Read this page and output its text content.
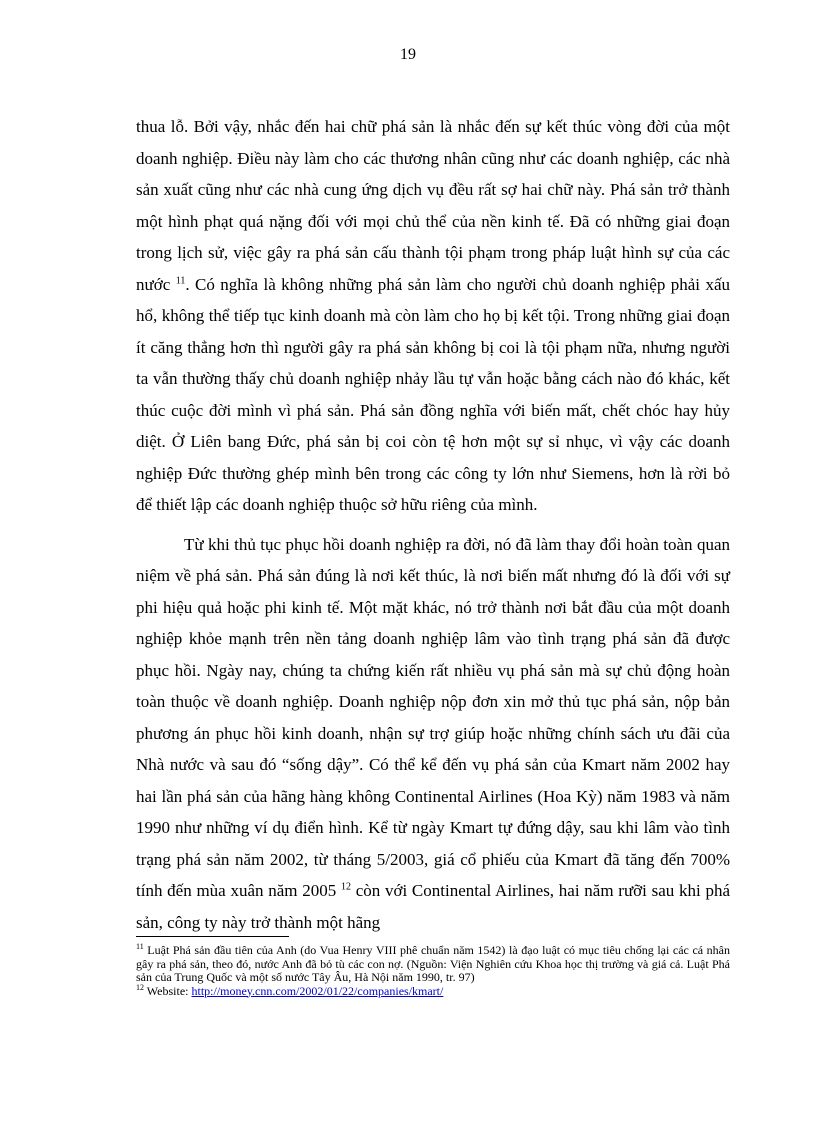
19

thua lỗ. Bởi vậy, nhắc đến hai chữ phá sản là nhắc đến sự kết thúc vòng đời của một doanh nghiệp. Điều này làm cho các thương nhân cũng như các doanh nghiệp, các nhà sản xuất cũng như các nhà cung ứng dịch vụ đều rất sợ hai chữ này. Phá sản trở thành một hình phạt quá nặng đối với mọi chủ thể của nền kinh tế. Đã có những giai đoạn trong lịch sử, việc gây ra phá sản cấu thành tội phạm trong pháp luật hình sự của các nước $^{11}$. Có nghĩa là không những phá sản làm cho người chủ doanh nghiệp phải xấu hổ, không thể tiếp tục kinh doanh mà còn làm cho họ bị kết tội. Trong những giai đoạn ít căng thẳng hơn thì người gây ra phá sản không bị coi là tội phạm nữa, nhưng người ta vẫn thường thấy chủ doanh nghiệp nhảy lầu tự vẫn hoặc bằng cách nào đó khác, kết thúc cuộc đời mình vì phá sản. Phá sản đồng nghĩa với biến mất, chết chóc hay hủy diệt. Ở Liên bang Đức, phá sản bị coi còn tệ hơn một sự sỉ nhục, vì vậy các doanh nghiệp Đức thường ghép mình bên trong các công ty lớn như Siemens, hơn là rời bỏ để thiết lập các doanh nghiệp thuộc sở hữu riêng của mình.

Từ khi thủ tục phục hồi doanh nghiệp ra đời, nó đã làm thay đổi hoàn toàn quan niệm về phá sản. Phá sản đúng là nơi kết thúc, là nơi biến mất nhưng đó là đối với sự phi hiệu quả hoặc phi kinh tế. Một mặt khác, nó trở thành nơi bắt đầu của một doanh nghiệp khỏe mạnh trên nền tảng doanh nghiệp lâm vào tình trạng phá sản đã được phục hồi. Ngày nay, chúng ta chứng kiến rất nhiều vụ phá sản mà sự chủ động hoàn toàn thuộc về doanh nghiệp. Doanh nghiệp nộp đơn xin mở thủ tục phá sản, nộp bản phương án phục hồi kinh doanh, nhận sự trợ giúp hoặc những chính sách ưu đãi của Nhà nước và sau đó “sống dậy”. Có thể kể đến vụ phá sản của Kmart năm 2002 hay hai lần phá sản của hãng hàng không Continental Airlines (Hoa Kỳ) năm 1983 và năm 1990 như những ví dụ điển hình. Kể từ ngày Kmart tự đứng dậy, sau khi lâm vào tình trạng phá sản năm 2002, từ tháng 5/2003, giá cổ phiếu của Kmart đã tăng đến 700% tính đến mùa xuân năm 2005 $^{12}$ còn với Continental Airlines, hai năm rưỡi sau khi phá sản, công ty này trở thành một hãng

$^{11}$ Luật Phá sản đầu tiên của Anh (do Vua Henry VIII phê chuẩn năm 1542) là đạo luật có mục tiêu chống lại các cá nhân gây ra phá sản, theo đó, nước Anh đã bỏ tù các con nợ. (Nguồn: Viện Nghiên cứu Khoa học thị trường và giá cả. Luật Phá sản của Trung Quốc và một số nước Tây Âu, Hà Nội năm 1990, tr. 97)

$^{12}$ Website: http://money.cnn.com/2002/01/22/companies/kmart/
